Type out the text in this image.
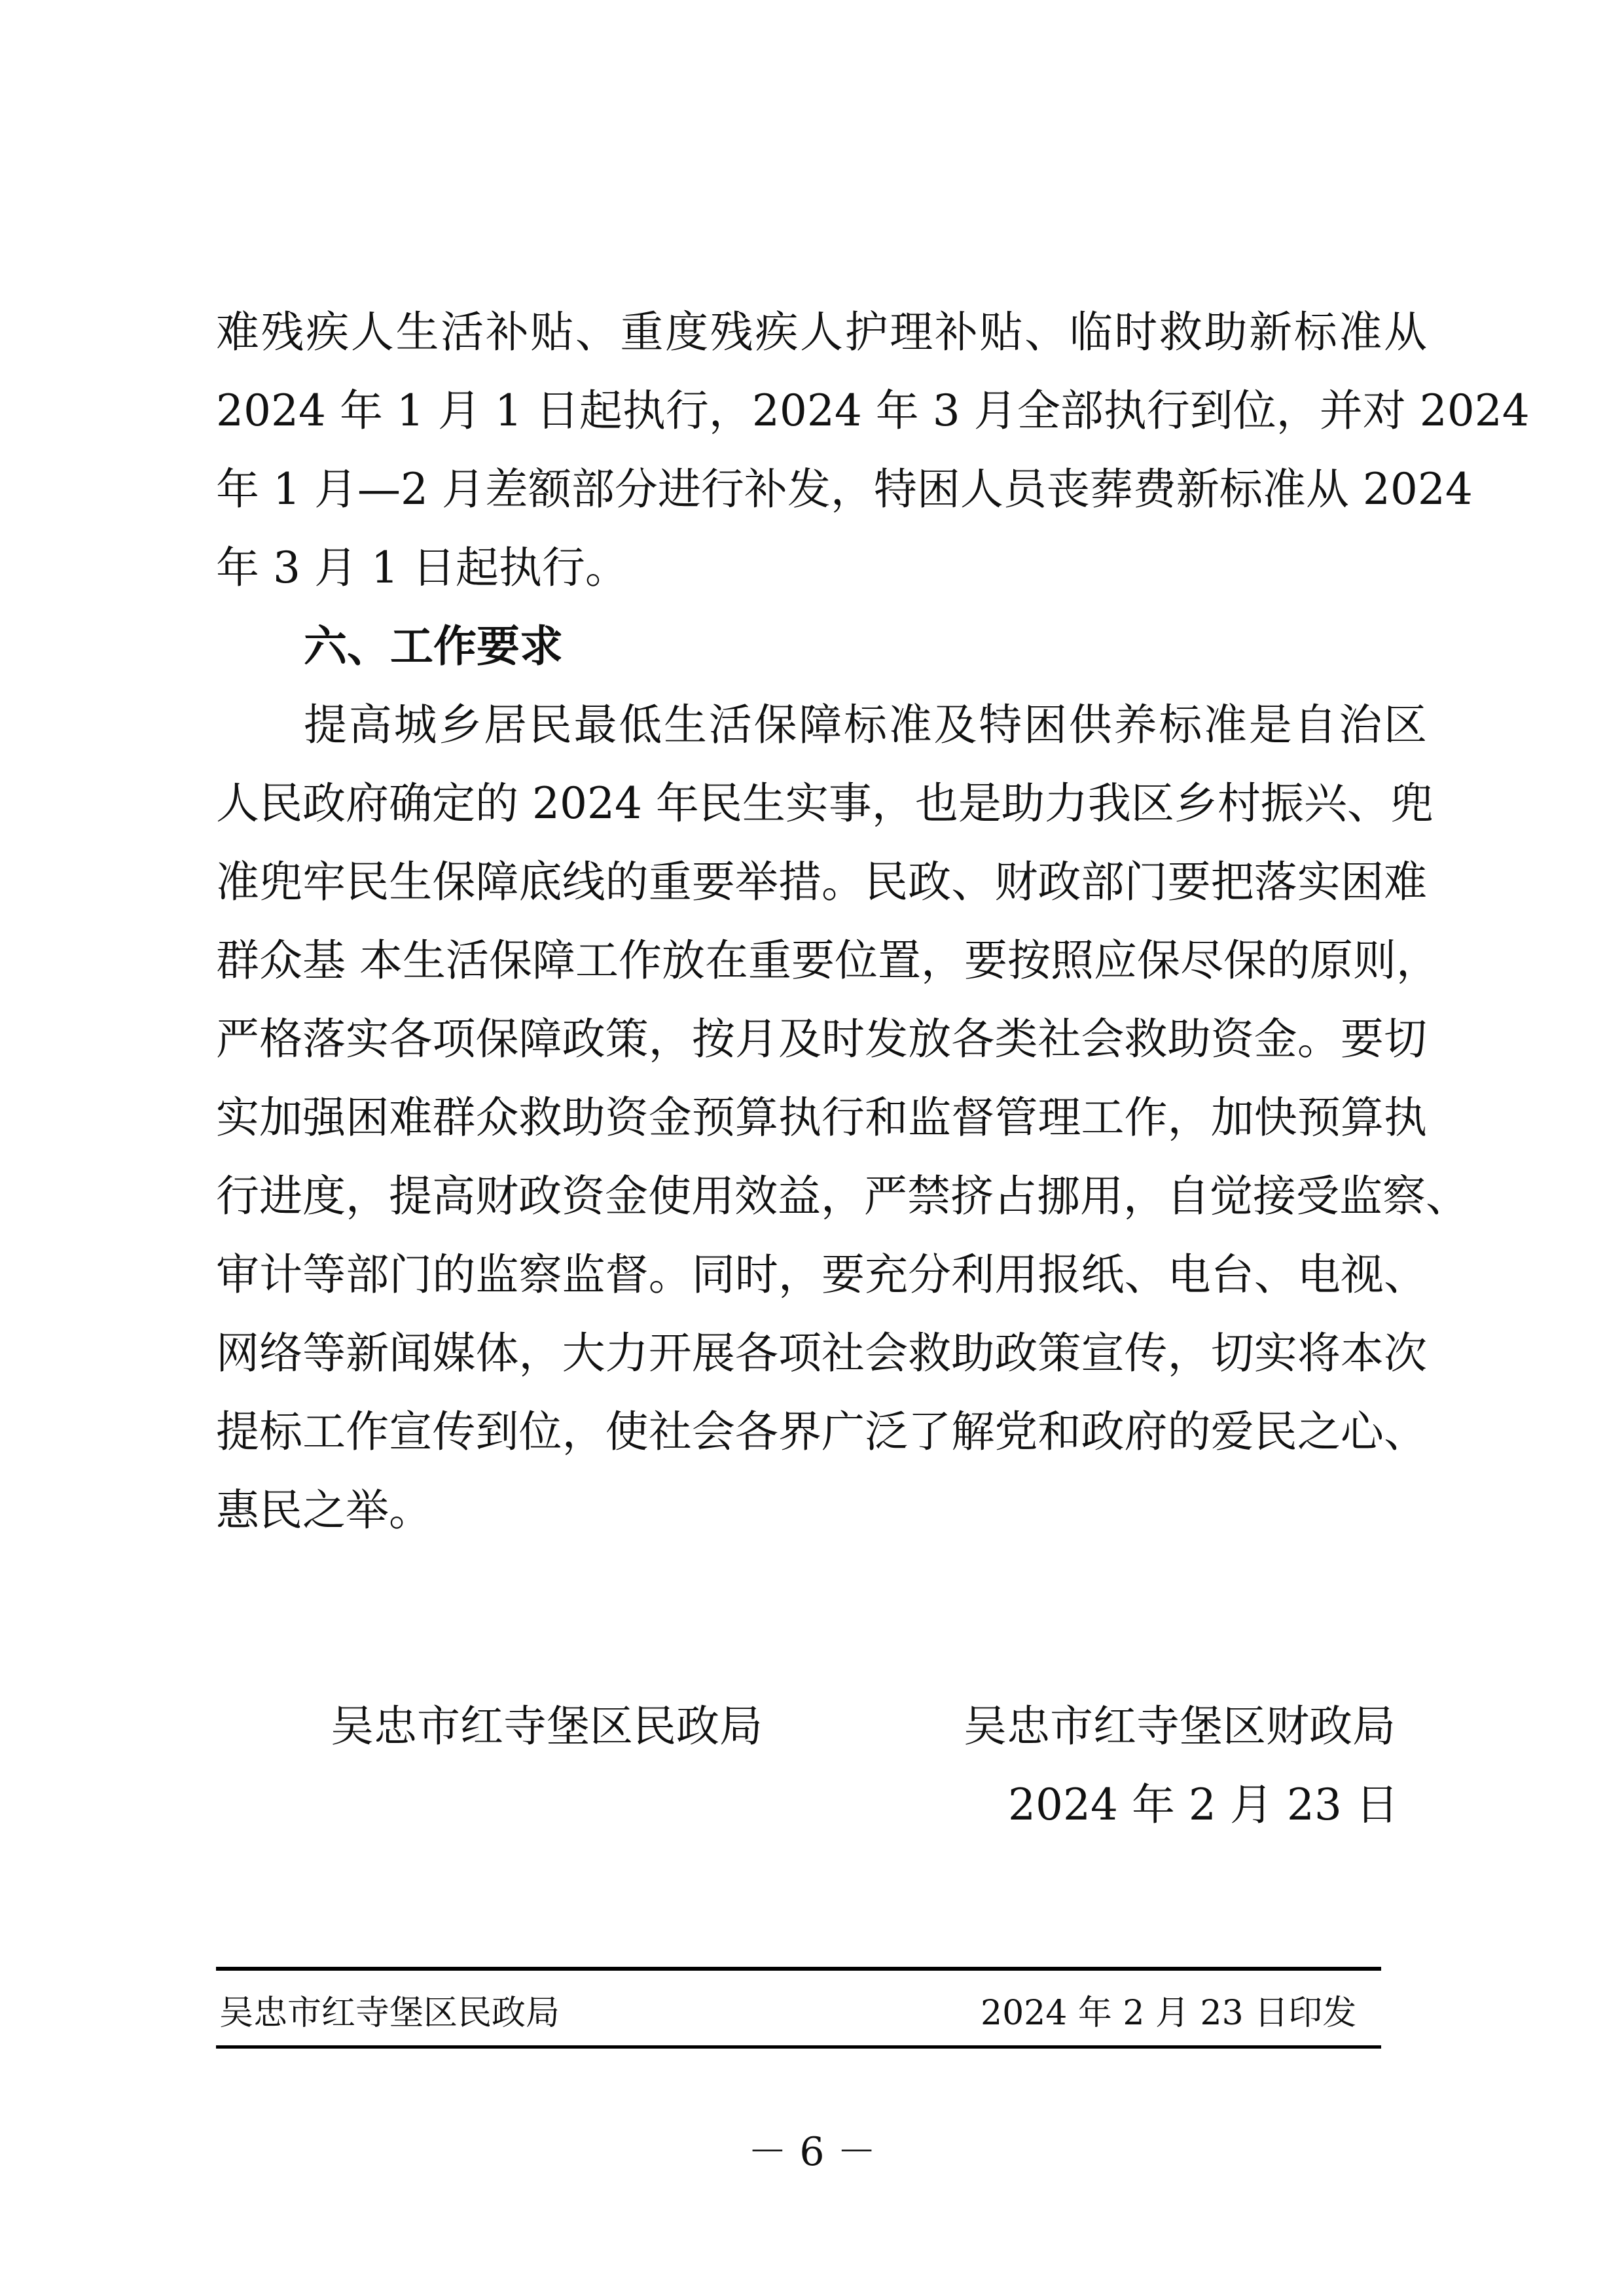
难残疾人生活补贴、重度残疾人护理补贴、临时救助新标准从
2024 年 1 月 1 日起执行，2024 年 3 月全部执行到位，并对 2024
年 1 月—2 月差额部分进行补发，特困人员丧葬费新标准从 2024
年 3 月 1 日起执行。
六、工作要求
提高城乡居民最低生活保障标准及特困供养标准是自治区
人民政府确定的 2024 年民生实事，也是助力我区乡村振兴、兜
准兜牢民生保障底线的重要举措。民政、财政部门要把落实困难
群众基 本生活保障工作放在重要位置，要按照应保尽保的原则，
严格落实各项保障政策，按月及时发放各类社会救助资金。要切
实加强困难群众救助资金预算执行和监督管理工作，加快预算执
行进度，提高财政资金使用效益，严禁挤占挪用，自觉接受监察、
审计等部门的监察监督。同时，要充分利用报纸、电台、电视、
网络等新闻媒体，大力开展各项社会救助政策宣传，切实将本次
提标工作宣传到位，使社会各界广泛了解党和政府的爱民之心、
惠民之举。
吴忠市红寺堡区民政局	吴忠市红寺堡区财政局
2024 年 2 月 23 日
吴忠市红寺堡区民政局	2024 年 2 月 23 日印发
－ 6 －
